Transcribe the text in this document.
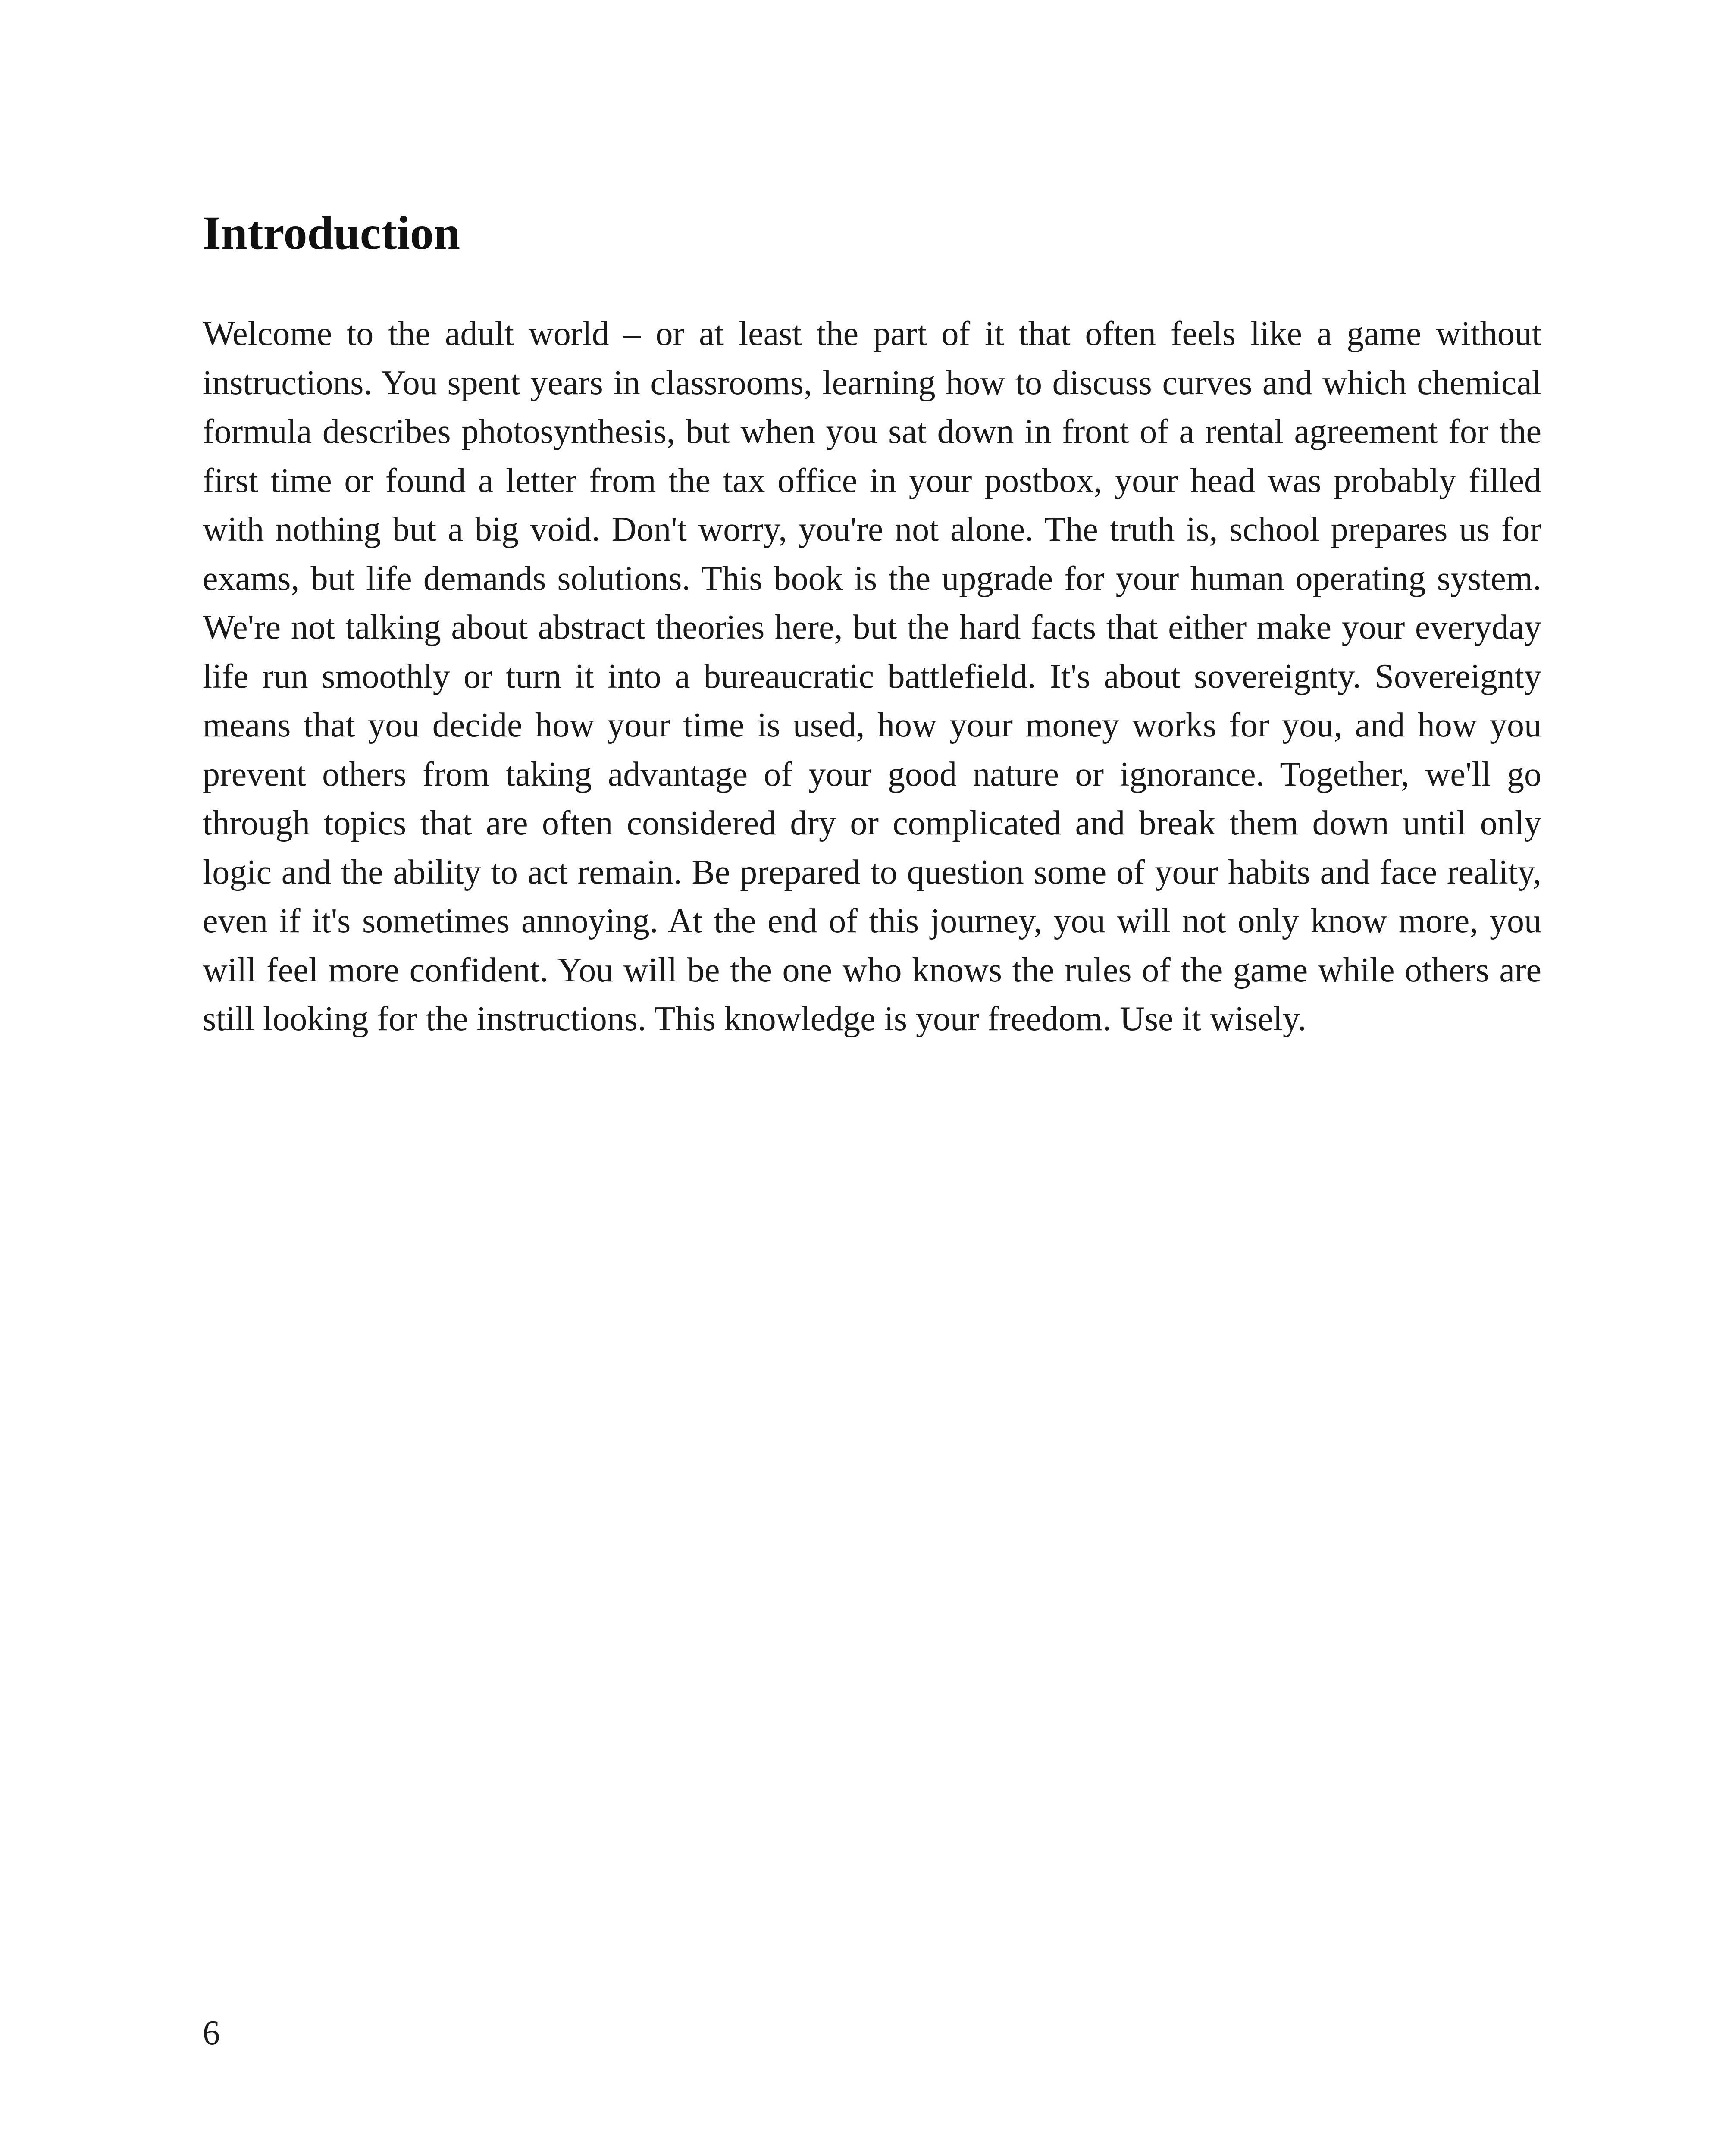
Introduction

Welcome to the adult world – or at least the part of it that often feels like a game without instructions. You spent years in classrooms, learning how to discuss curves and which chemical formula describes photosynthesis, but when you sat down in front of a rental agreement for the first time or found a letter from the tax office in your postbox, your head was probably filled with nothing but a big void. Don't worry, you're not alone. The truth is, school prepares us for exams, but life demands solutions. This book is the upgrade for your human operating system. We're not talking about abstract theories here, but the hard facts that either make your everyday life run smoothly or turn it into a bureaucratic battlefield. It's about sovereignty. Sovereignty means that you decide how your time is used, how your money works for you, and how you prevent others from taking advantage of your good nature or ignorance. Together, we'll go through topics that are often considered dry or complicated and break them down until only logic and the ability to act remain. Be prepared to question some of your habits and face reality, even if it's sometimes annoying. At the end of this journey, you will not only know more, you will feel more confident. You will be the one who knows the rules of the game while others are still looking for the instructions. This knowledge is your freedom. Use it wisely.

6
